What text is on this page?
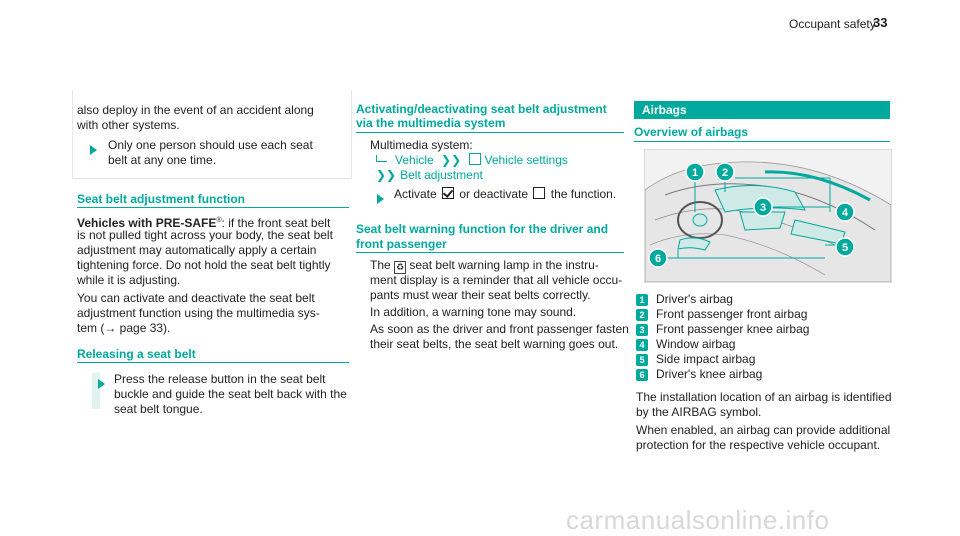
Occupant safety
33
also deploy in the event of an accident along
with other systems.
Only one person should use each seat
belt at any one time.
Seat belt adjustment function
Vehicles with PRE-SAFE®: if the front seat belt
is not pulled tight across your body, the seat belt
adjustment may automatically apply a certain
tightening force. Do not hold the seat belt tightly
while it is adjusting.
You can activate and deactivate the seat belt
adjustment function using the multimedia sys-
tem (→ page 33).
Releasing a seat belt
Press the release button in the seat belt
buckle and guide the seat belt back with the
seat belt tongue.
Activating/deactivating seat belt adjustment
via the multimedia system
Multimedia system:
Vehicle ❯❯ Vehicle settings
❯❯ Belt adjustment
Activate or deactivate the function.
Seat belt warning function for the driver and
front passenger
The ♻ seat belt warning lamp in the instru-
ment display is a reminder that all vehicle occu-
pants must wear their seat belts correctly.
In addition, a warning tone may sound.
As soon as the driver and front passenger fasten
their seat belts, the seat belt warning goes out.
Airbags
Overview of airbags
1 2
3	4
5
6
1 Driver's airbag
2 Front passenger front airbag
3 Front passenger knee airbag
4 Window airbag
5 Side impact airbag
6 Driver's knee airbag
The installation location of an airbag is identified
by the AIRBAG symbol.
When enabled, an airbag can provide additional
protection for the respective vehicle occupant.
carmanualsonline.info
